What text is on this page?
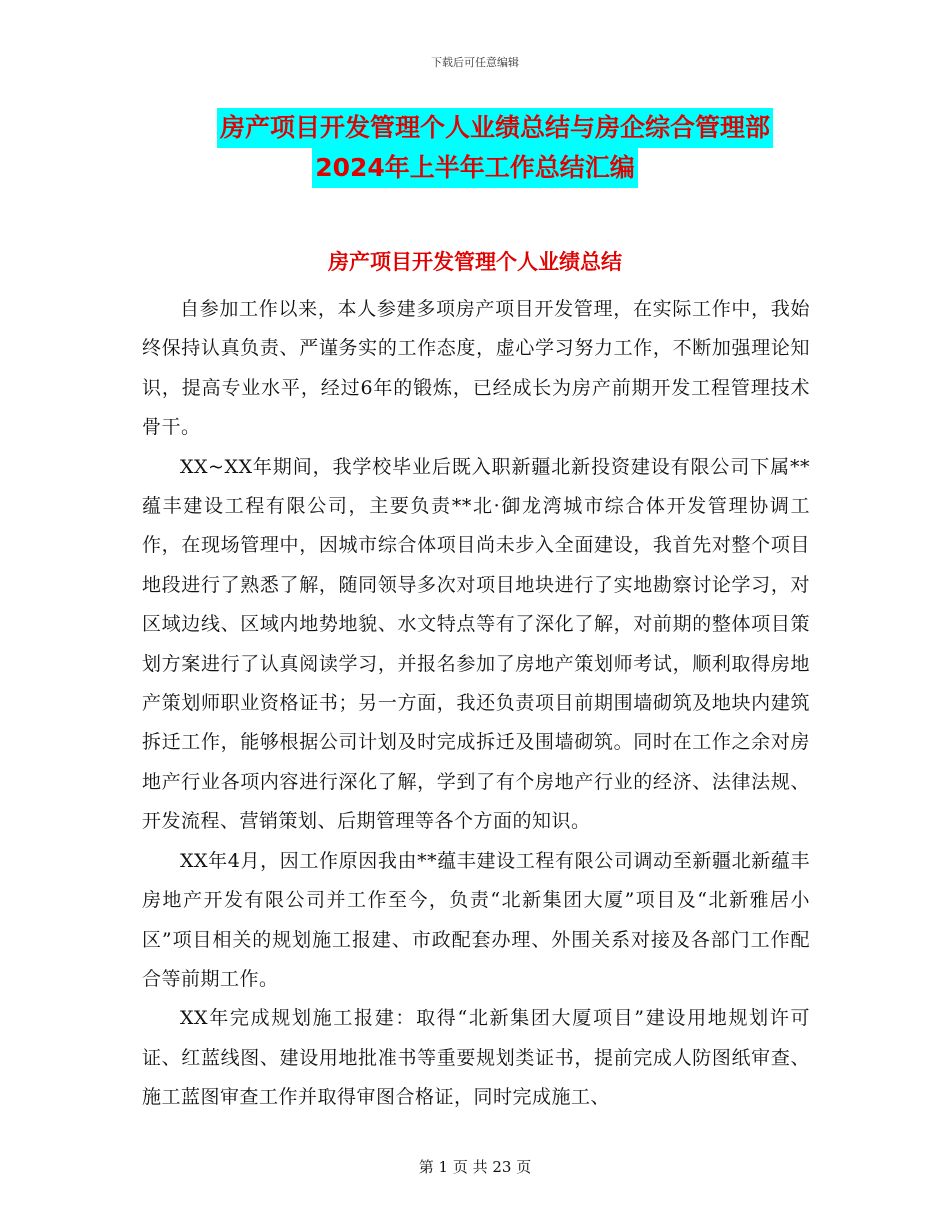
下载后可任意编辑
房产项目开发管理个人业绩总结与房企综合管理部
2024年上半年工作总结汇编
房产项目开发管理个人业绩总结

自参加工作以来，本人参建多项房产项目开发管理，在实际工作中，我始终保持认真负责、严谨务实的工作态度，虚心学习努力工作，不断加强理论知识，提高专业水平，经过6年的锻炼，已经成长为房产前期开发工程管理技术骨干。

XX~XX年期间，我学校毕业后既入职新疆北新投资建设有限公司下属**蕴丰建设工程有限公司，主要负责**北·御龙湾城市综合体开发管理协调工作，在现场管理中，因城市综合体项目尚未步入全面建设，我首先对整个项目地段进行了熟悉了解，随同领导多次对项目地块进行了实地勘察讨论学习，对区域边线、区域内地势地貌、水文特点等有了深化了解，对前期的整体项目策划方案进行了认真阅读学习，并报名参加了房地产策划师考试，顺利取得房地产策划师职业资格证书；另一方面，我还负责项目前期围墙砌筑及地块内建筑拆迁工作，能够根据公司计划及时完成拆迁及围墙砌筑。同时在工作之余对房地产行业各项内容进行深化了解，学到了有个房地产行业的经济、法律法规、开发流程、营销策划、后期管理等各个方面的知识。

XX年4月，因工作原因我由**蕴丰建设工程有限公司调动至新疆北新蕴丰房地产开发有限公司并工作至今，负责“北新集团大厦”项目及“北新雅居小区”项目相关的规划施工报建、市政配套办理、外围关系对接及各部门工作配合等前期工作。

XX年完成规划施工报建：取得“北新集团大厦项目”建设用地规划许可证、红蓝线图、建设用地批准书等重要规划类证书，提前完成人防图纸审查、施工蓝图审查工作并取得审图合格证，同时完成施工、

第 1 页 共 23 页
